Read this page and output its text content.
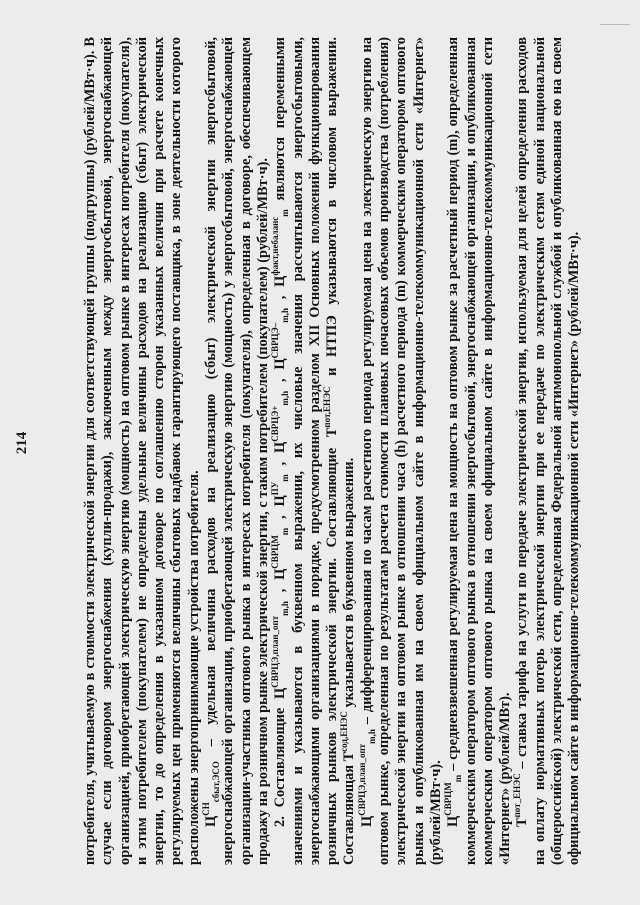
214	потребителя, учитываемую в стоимости электрической энергии для соответствующей группы (подгруппы) (рублей/МВт·ч). В случае если договором энергоснабжения (купли-продажи), заключенным между энергосбытовой, энергоснабжающей организацией, приобретающей электрическую энергию (мощность) на оптовом рынке в интересах потребителя (покупателя), и этим потребителем (покупателем) не определены удельные величины расходов на реализацию (сбыт) электрической энергии, то до определения в указанном договоре по соглашению сторон указанных величин при расчете конечных регулируемых цен применяются величины сбытовых надбавок гарантирующего поставщика, в зоне деятельности которого расположены энергопринимающие устройства потребителя. $Ц^{СН}_{сбыт,ЭСО}$ – удельная величина расходов на реализацию (сбыт) электрической энергии энергосбытовой, энергоснабжающей организации, приобретающей электрическую энергию (мощность) у энергосбытовой, энергоснабжающей организации-участника оптового рынка в интересах потребителя (покупателя), определенная в договоре, обеспечивающем продажу на розничном рынке электрической энергии, с таким потребителем (покупателем) (рублей/МВт·ч). 2. Составляющие $Ц^{СВРЦЭ,план\_опт}_{m,h}$ , $Ц^{СВРЦМ}_m$ , $Ц^{ПУ}_m$ , $Ц^{СВРЦЭ+}_{m,h}$ , $Ц^{СВРЦЭ-}_{m,h}$ , $Ц^{факт,небаланс}_m$ являются переменными значениями и указываются в буквенном выражении, их числовые значения рассчитываются энергосбытовыми, энергоснабжающими организациями в порядке, предусмотренном разделом XII Основных положений функционирования розничных рынков электрической энергии. Составляющие $Т^{пот,ЕНЭС}$ и НТПЭ указываются в числовом выражении. Составляющая $Т^{сод,ЕНЭС}$ указывается в буквенном выражении.

$Ц^{СВРЦЭ,план\_опт}_{m,h}$ – дифференцированная по часам расчетного периода регулируемая цена на электрическую энергию на оптовом рынке, определенная по результатам расчета стоимости плановых почасовых объемов производства (потребления) электрической энергии на оптовом рынке в отношении часа (h) расчетного периода (m) коммерческим оператором оптового рынка и опубликованная им на своем официальном сайте в информационно-телекоммуникационной сети «Интернет» (рублей/МВт·ч). $Ц^{СВРЦМ}_m$ – средневзвешенная регулируемая цена на мощность на оптовом рынке за расчетный период (m), определенная коммерческим оператором оптового рынка в отношении энергосбытовой, энергоснабжающей организации, и опубликованная коммерческим оператором оптового рынка на своем официальном сайте в информационно-телекоммуникационной сети «Интернет» (рублей/МВт). $Т^{пот\_ЕНЭС}$ – ставка тарифа на услуги по передаче электрической энергии, используемая для целей определения расходов на оплату нормативных потерь электрической энергии при ее передаче по электрическим сетям единой национальной (общероссийской) электрической сети, определенная Федеральной антимонопольной службой и опубликованная ею на своем официальном сайте в информационно-телекоммуникационной сети «Интернет» (рублей/МВт·ч).
